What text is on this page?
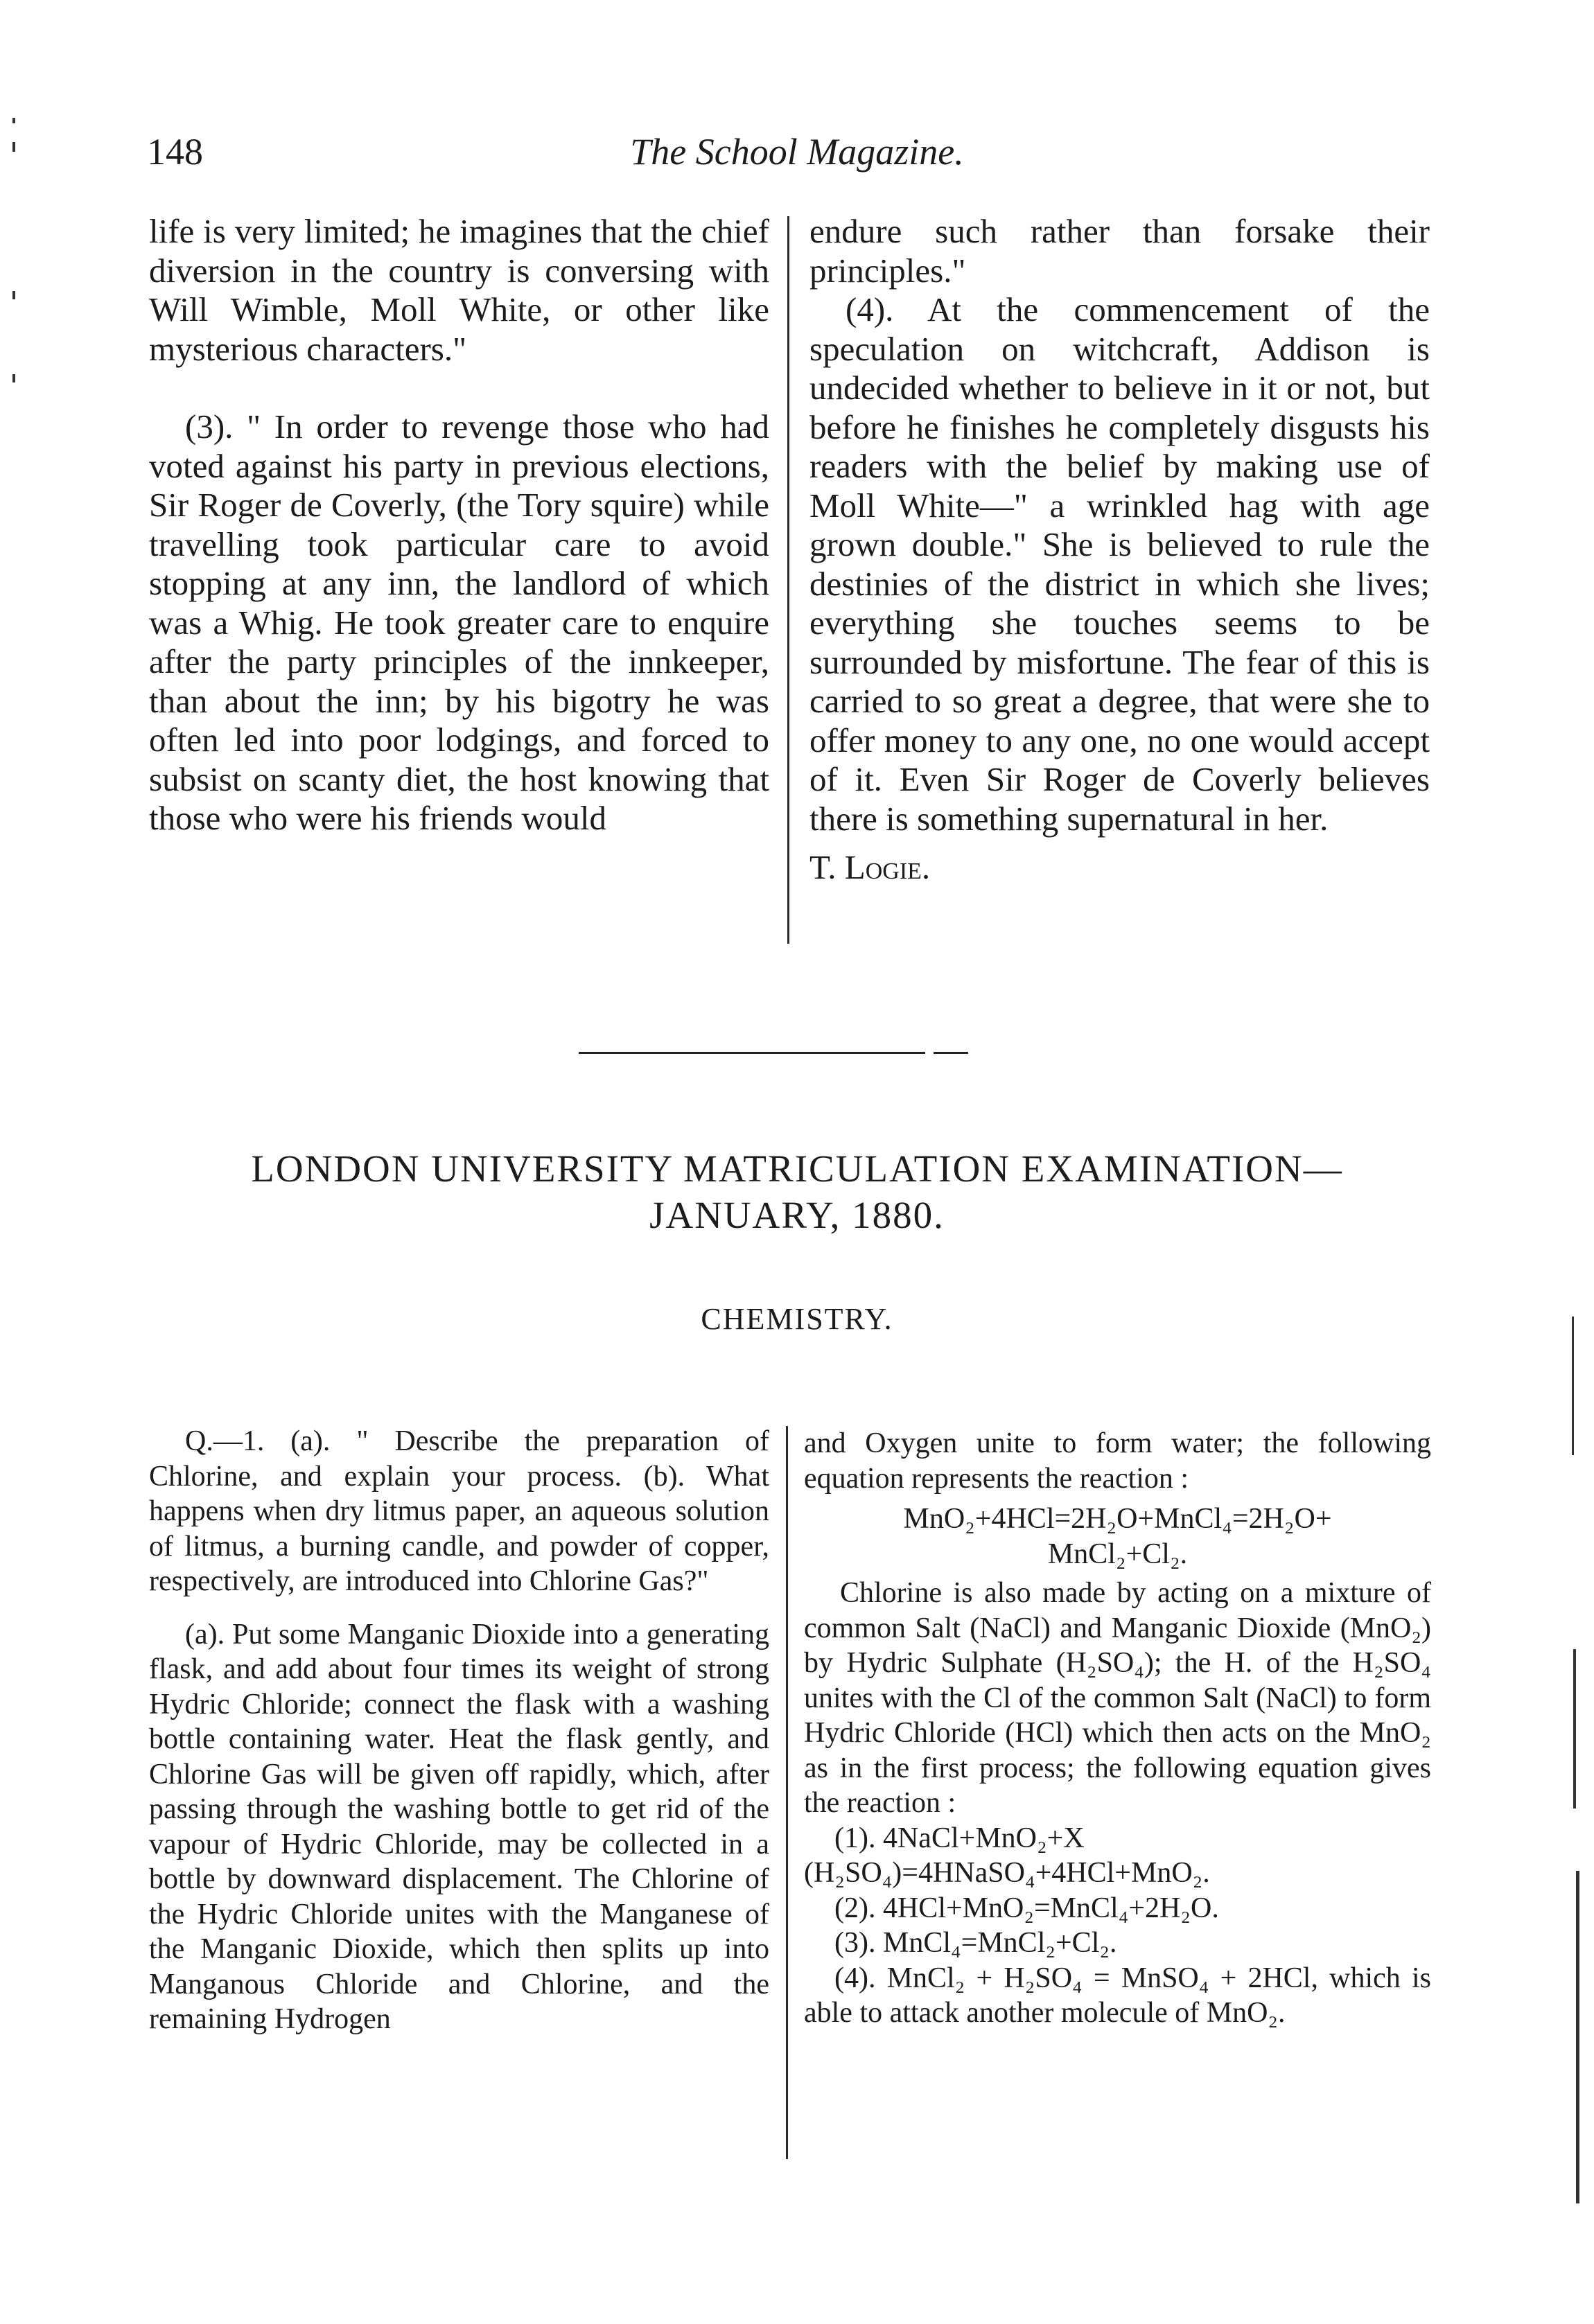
148	The School Magazine.

life is very limited; he imagines that the chief diversion in the country is conversing with Will Wimble, Moll White, or other like mysterious characters."

(3). " In order to revenge those who had voted against his party in previous elections, Sir Roger de Coverly, (the Tory squire) while travelling took particular care to avoid stopping at any inn, the landlord of which was a Whig. He took greater care to enquire after the party principles of the innkeeper, than about the inn; by his bigotry he was often led into poor lodgings, and forced to subsist on scanty diet, the host knowing that those who were his friends would

endure such rather than forsake their principles."

(4). At the commencement of the speculation on witchcraft, Addison is undecided whether to believe in it or not, but before he finishes he completely disgusts his readers with the belief by making use of Moll White—" a wrinkled hag with age grown double." She is believed to rule the destinies of the district in which she lives; everything she touches seems to be surrounded by misfortune. The fear of this is carried to so great a degree, that were she to offer money to any one, no one would accept of it. Even Sir Roger de Coverly believes there is something supernatural in her.

T. Logie.

LONDON UNIVERSITY MATRICULATION EXAMINATION—
JANUARY, 1880.
CHEMISTRY.

Q.—1. (a). " Describe the preparation of Chlorine, and explain your process. (b). What happens when dry litmus paper, an aqueous solution of litmus, a burning candle, and powder of copper, respectively, are introduced into Chlorine Gas?"

(a). Put some Manganic Dioxide into a generating flask, and add about four times its weight of strong Hydric Chloride; connect the flask with a washing bottle containing water. Heat the flask gently, and Chlorine Gas will be given off rapidly, which, after passing through the washing bottle to get rid of the vapour of Hydric Chloride, may be collected in a bottle by downward displacement. The Chlorine of the Hydric Chloride unites with the Manganese of the Manganic Dioxide, which then splits up into Manganous Chloride and Chlorine, and the remaining Hydrogen

and Oxygen unite to form water; the following equation represents the reaction :

MnO₂+4HCl=2H₂O+MnCl₄=2H₂O+

MnCl₂+Cl₂.

Chlorine is also made by acting on a mixture of common Salt (NaCl) and Manganic Dioxide (MnO₂) by Hydric Sulphate (H₂SO₄); the H. of the H₂SO₄ unites with the Cl of the common Salt (NaCl) to form Hydric Chloride (HCl) which then acts on the MnO₂ as in the first process; the following equation gives the reaction :

(1). 4NaCl+MnO₂+X (H₂SO₄)=4HNaSO₄+4HCl+MnO₂.

(2). 4HCl+MnO₂=MnCl₄+2H₂O.

(3). MnCl₄=MnCl₂+Cl₂.

(4). MnCl₂ + H₂SO₄ = MnSO₄ + 2HCl, which is able to attack another molecule of MnO₂.
